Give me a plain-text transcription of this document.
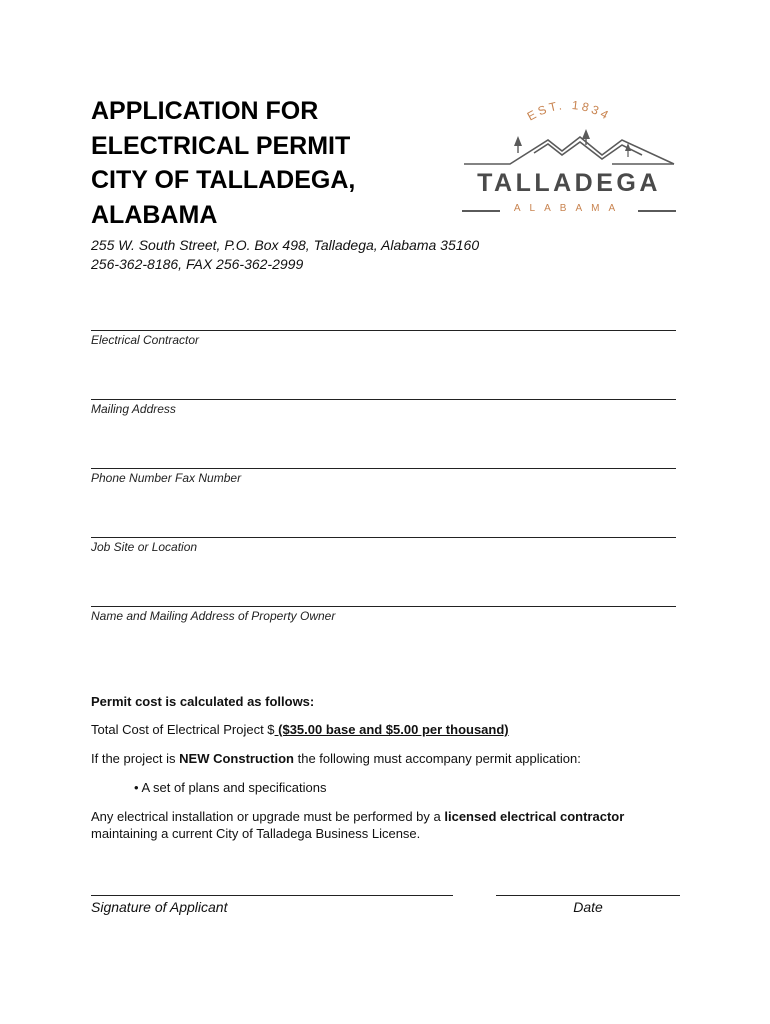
APPLICATION FOR
ELECTRICAL PERMIT
CITY OF TALLADEGA,
ALABAMA
EST. 1834
TALLADEGA
ALABAMA
255 W. South Street, P.O. Box 498, Talladega, Alabama 35160
256-362-8186, FAX 256-362-2999
Electrical Contractor
Mailing Address
Phone Number Fax Number
Job Site or Location
Name and Mailing Address of Property Owner
Permit cost is calculated as follows:
Total Cost of Electrical Project $ ($35.00 base and $5.00 per thousand)
If the project is NEW Construction the following must accompany permit application:
• A set of plans and specifications
Any electrical installation or upgrade must be performed by a licensed electrical contractor
maintaining a current City of Talladega Business License.
Signature of Applicant	Date
